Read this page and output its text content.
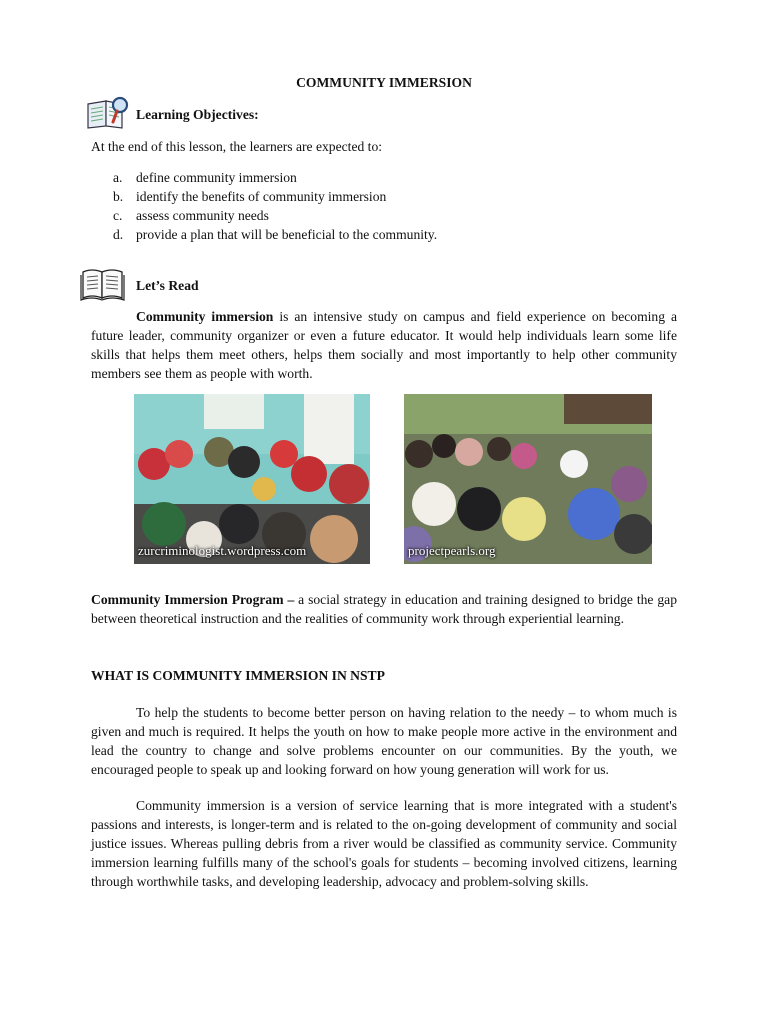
COMMUNITY IMMERSION
Learning Objectives:
At the end of this lesson, the learners are expected to:
a. define community immersion
b. identify the benefits of community immersion
c. assess community needs
d. provide a plan that will be beneficial to the community.
Let’s Read

Community immersion is an intensive study on campus and field experience on becoming a future leader, community organizer or even a future educator. It would help individuals learn some life skills that helps them meet others, helps them socially and most importantly to help other community members see them as people with worth.

zurcriminologist.wordpress.com	projectpearls.org

Community Immersion Program – a social strategy in education and training designed to bridge the gap between theoretical instruction and the realities of community work through experiential learning.

WHAT IS COMMUNITY IMMERSION IN NSTP

To help the students to become better person on having relation to the needy – to whom much is given and much is required. It helps the youth on how to make people more active in the environment and lead the country to change and solve problems encounter on our communities. By the youth, we encouraged people to speak up and looking forward on how young generation will work for us.

Community immersion is a version of service learning that is more integrated with a student's passions and interests, is longer-term and is related to the on-going development of community and social justice issues. Whereas pulling debris from a river would be classified as community service. Community immersion learning fulfills many of the school's goals for students – becoming involved citizens, learning through worthwhile tasks, and developing leadership, advocacy and problem-solving skills.
